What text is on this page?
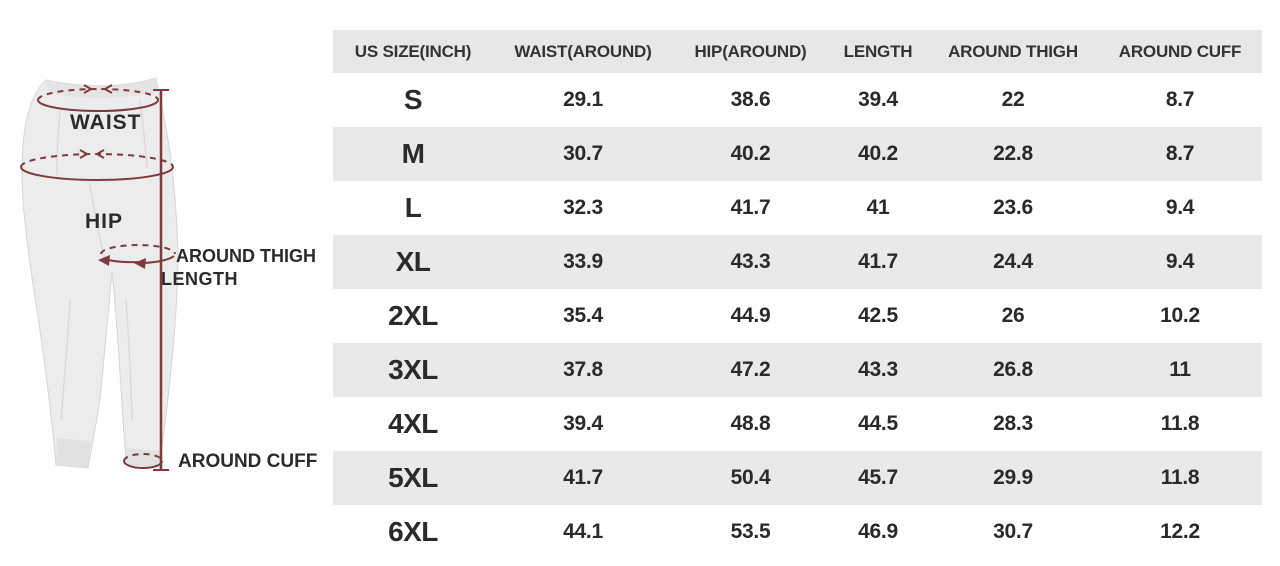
WAIST
HIP
AROUND THIGH
LENGTH
AROUND CUFF
US SIZE(INCH)	WAIST(AROUND)	HIP(AROUND)	LENGTH	AROUND THIGH	AROUND CUFF
S	29.1	38.6	39.4	22	8.7
M	30.7	40.2	40.2	22.8	8.7
L	32.3	41.7	41	23.6	9.4
XL	33.9	43.3	41.7	24.4	9.4
2XL	35.4	44.9	42.5	26	10.2
3XL	37.8	47.2	43.3	26.8	11
4XL	39.4	48.8	44.5	28.3	11.8
5XL	41.7	50.4	45.7	29.9	11.8
6XL	44.1	53.5	46.9	30.7	12.2
